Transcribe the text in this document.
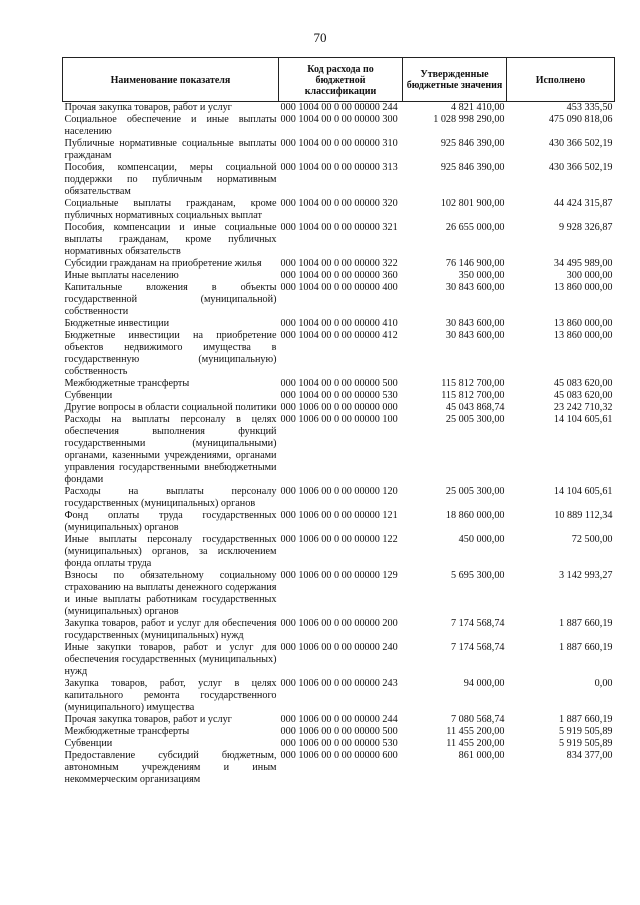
70
Наименование показателя	Код расхода по бюджетной классификации	Утвержденные бюджетные значения	Исполнено
Прочая закупка товаров, работ и услуг	000 1004 00 0 00 00000 244	4 821 410,00	453 335,50
Социальное обеспечение и иные выплаты населению	000 1004 00 0 00 00000 300	1 028 998 290,00	475 090 818,06
Публичные нормативные социальные выплаты гражданам	000 1004 00 0 00 00000 310	925 846 390,00	430 366 502,19
Пособия, компенсации, меры социальной поддержки по публичным нормативным обязательствам	000 1004 00 0 00 00000 313	925 846 390,00	430 366 502,19
Социальные выплаты гражданам, кроме публичных нормативных социальных выплат	000 1004 00 0 00 00000 320	102 801 900,00	44 424 315,87
Пособия, компенсации и иные социальные выплаты гражданам, кроме публичных нормативных обязательств	000 1004 00 0 00 00000 321	26 655 000,00	9 928 326,87
Субсидии гражданам на приобретение жилья	000 1004 00 0 00 00000 322	76 146 900,00	34 495 989,00
Иные выплаты населению	000 1004 00 0 00 00000 360	350 000,00	300 000,00
Капитальные вложения в объекты государственной (муниципальной) собственности	000 1004 00 0 00 00000 400	30 843 600,00	13 860 000,00
Бюджетные инвестиции	000 1004 00 0 00 00000 410	30 843 600,00	13 860 000,00
Бюджетные инвестиции на приобретение объектов недвижимого имущества в государственную (муниципальную) собственность	000 1004 00 0 00 00000 412	30 843 600,00	13 860 000,00
Межбюджетные трансферты	000 1004 00 0 00 00000 500	115 812 700,00	45 083 620,00
Субвенции	000 1004 00 0 00 00000 530	115 812 700,00	45 083 620,00
Другие вопросы в области социальной политики	000 1006 00 0 00 00000 000	45 043 868,74	23 242 710,32
Расходы на выплаты персоналу в целях обеспечения выполнения функций государственными (муниципальными) органами, казенными учреждениями, органами управления государственными внебюджетными фондами	000 1006 00 0 00 00000 100	25 005 300,00	14 104 605,61
Расходы на выплаты персоналу государственных (муниципальных) органов	000 1006 00 0 00 00000 120	25 005 300,00	14 104 605,61
Фонд оплаты труда государственных (муниципальных) органов	000 1006 00 0 00 00000 121	18 860 000,00	10 889 112,34
Иные выплаты персоналу государственных (муниципальных) органов, за исключением фонда оплаты труда	000 1006 00 0 00 00000 122	450 000,00	72 500,00
Взносы по обязательному социальному страхованию на выплаты денежного содержания и иные выплаты работникам государственных (муниципальных) органов	000 1006 00 0 00 00000 129	5 695 300,00	3 142 993,27
Закупка товаров, работ и услуг для обеспечения государственных (муниципальных) нужд	000 1006 00 0 00 00000 200	7 174 568,74	1 887 660,19
Иные закупки товаров, работ и услуг для обеспечения государственных (муниципальных) нужд	000 1006 00 0 00 00000 240	7 174 568,74	1 887 660,19
Закупка товаров, работ, услуг в целях капитального ремонта государственного (муниципального) имущества	000 1006 00 0 00 00000 243	94 000,00	0,00
Прочая закупка товаров, работ и услуг	000 1006 00 0 00 00000 244	7 080 568,74	1 887 660,19
Межбюджетные трансферты	000 1006 00 0 00 00000 500	11 455 200,00	5 919 505,89
Субвенции	000 1006 00 0 00 00000 530	11 455 200,00	5 919 505,89
Предоставление субсидий бюджетным, автономным учреждениям и иным некоммерческим организациям	000 1006 00 0 00 00000 600	861 000,00	834 377,00
